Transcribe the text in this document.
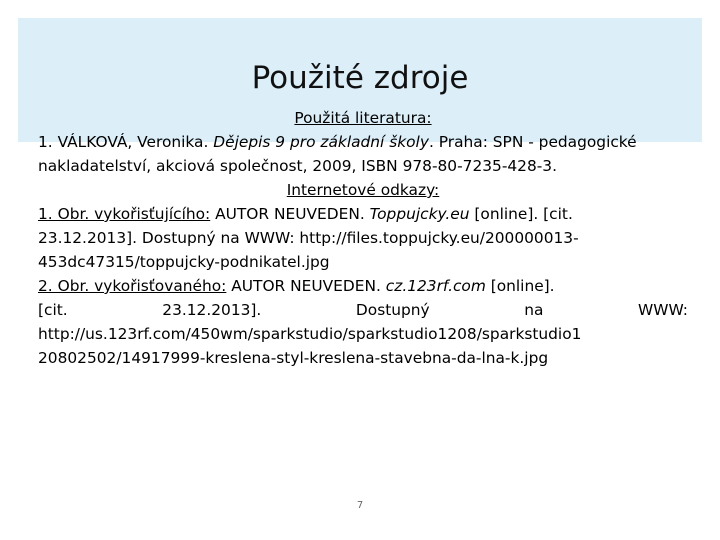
Použité zdroje

Použitá literatura:

1. VÁLKOVÁ, Veronika. Dějepis 9 pro základní školy. Praha: SPN - pedagogické nakladatelství, akciová společnost, 2009, ISBN 978-80-7235-428-3.

Internetové odkazy:

1. Obr. vykořisťujícího: AUTOR NEUVEDEN. Toppujcky.eu [online]. [cit.

23.12.2013]. Dostupný na WWW: http://files.toppujcky.eu/200000013-

453dc47315/toppujcky-podnikatel.jpg

2. Obr. vykořisťovaného: AUTOR NEUVEDEN. cz.123rf.com [online].

[cit. 23.12.2013]. Dostupný na WWW:

http://us.123rf.com/450wm/sparkstudio/sparkstudio1208/sparkstudio1

20802502/14917999-kreslena-styl-kreslena-stavebna-da-lna-k.jpg

7
